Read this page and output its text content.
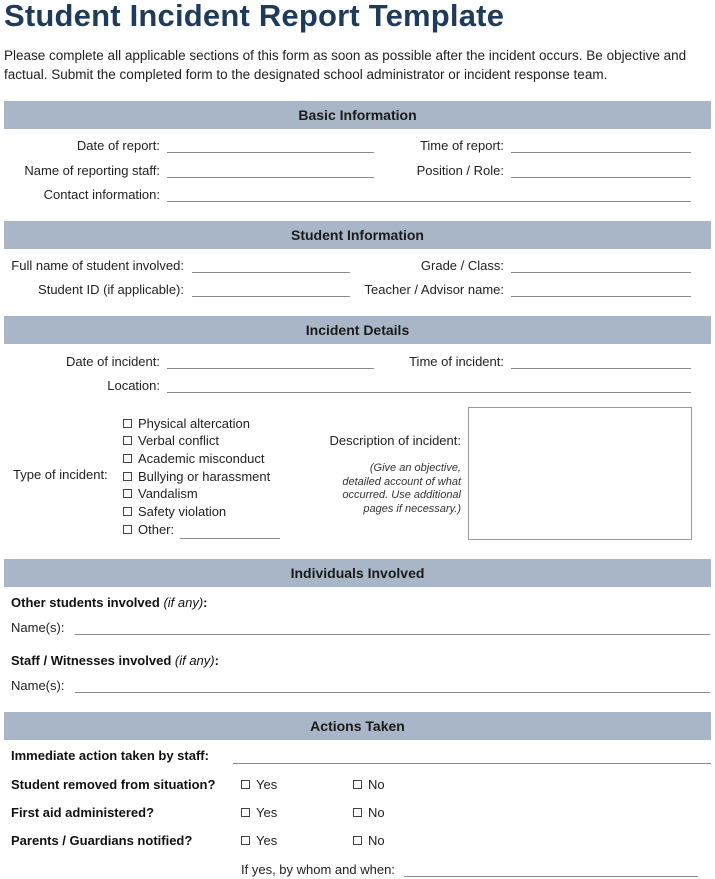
Student Incident Report Template
Please complete all applicable sections of this form as soon as possible after the incident occurs. Be objective and factual. Submit the completed form to the designated school administrator or incident response team.
Basic Information
Date of report:	Time of report:
Name of reporting staff:	Position / Role:
Contact information:
Student Information
Full name of student involved:	Grade / Class:
Student ID (if applicable):	Teacher / Advisor name:
Incident Details
Date of incident:	Time of incident:
Location:
Type of incident:
Physical altercation
Verbal conflict
Academic misconduct
Bullying or harassment
Vandalism
Safety violation
Other:
Description of incident:
(Give an objective,
detailed account of what
occurred. Use additional
pages if necessary.)
Individuals Involved
Other students involved (if any):
Name(s):
Staff / Witnesses involved (if any):
Name(s):
Actions Taken
Immediate action taken by staff:
Student removed from situation?	Yes	No
First aid administered?	Yes	No
Parents / Guardians notified?	Yes	No
If yes, by whom and when:
